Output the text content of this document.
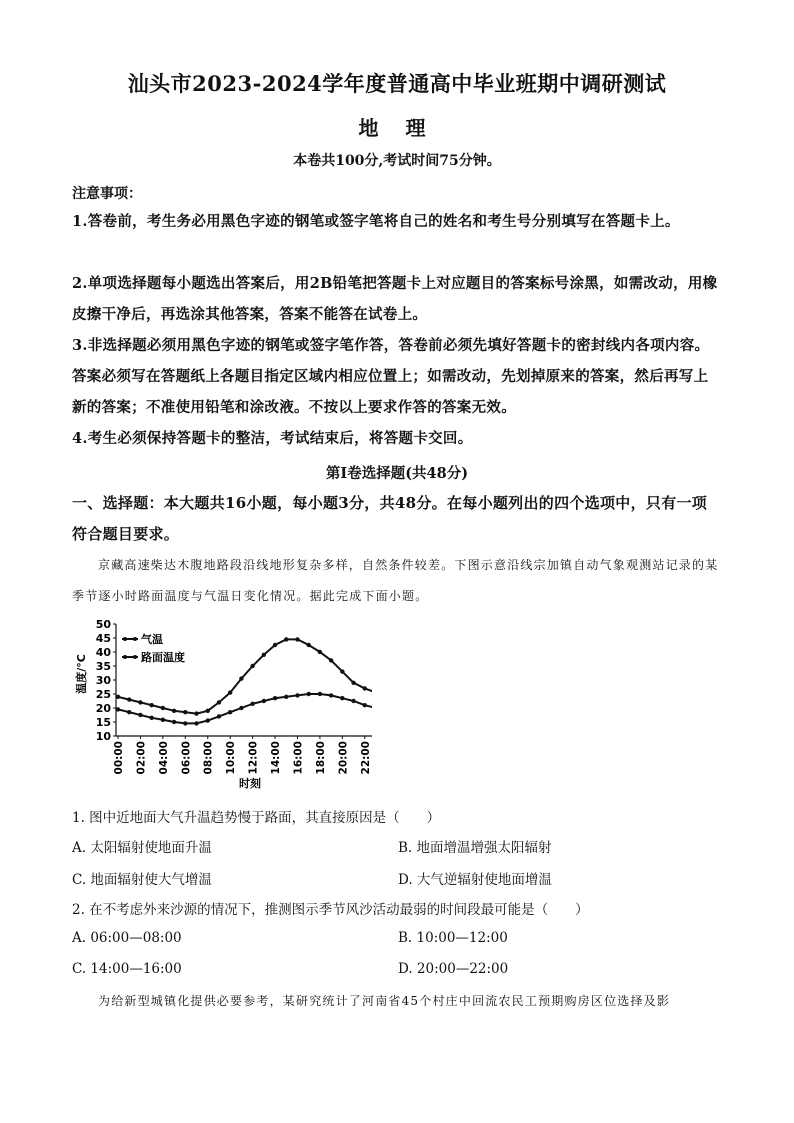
汕头市2023-2024学年度普通高中毕业班期中调研测试
地 理
本卷共100分,考试时间75分钟。
注意事项：
1.答卷前，考生务必用黑色字迹的钢笔或签字笔将自己的姓名和考生号分别填写在答题卡上。
2.单项选择题每小题选出答案后，用2B铅笔把答题卡上对应题目的答案标号涂黑，如需改动，用橡皮擦干净后，再选涂其他答案，答案不能答在试卷上。
3.非选择题必须用黑色字迹的钢笔或签字笔作答，答卷前必须先填好答题卡的密封线内各项内容。答案必须写在答题纸上各题目指定区域内相应位置上；如需改动，先划掉原来的答案，然后再写上新的答案；不准使用铅笔和涂改液。不按以上要求作答的答案无效。
4.考生必须保持答题卡的整洁，考试结束后，将答题卡交回。
第Ⅰ卷选择题(共48分)
一、选择题：本大题共16小题，每小题3分，共48分。在每小题列出的四个选项中，只有一项符合题目要求。
京藏高速柴达木腹地路段沿线地形复杂多样，自然条件较差。下图示意沿线宗加镇自动气象观测站记录的某季节逐小时路面温度与气温日变化情况。据此完成下面小题。
10
15
20
25
30
35
40
45
50
00:00 02:00 04:00 06:00 08:00 10:00 12:00 14:00 16:00 18:00 20:00 22:00
气温
路面温度
温度/°C
时刻
1. 图中近地面大气升温趋势慢于路面，其直接原因是（　　）
A. 太阳辐射使地面升温	B. 地面增温增强太阳辐射
C. 地面辐射使大气增温	D. 大气逆辐射使地面增温
2. 在不考虑外来沙源的情况下，推测图示季节风沙活动最弱的时间段最可能是（　　）
A. 06:00—08:00	B. 10:00—12:00
C. 14:00—16:00	D. 20:00—22:00
为给新型城镇化提供必要参考，某研究统计了河南省45个村庄中回流农民工预期购房区位选择及影
